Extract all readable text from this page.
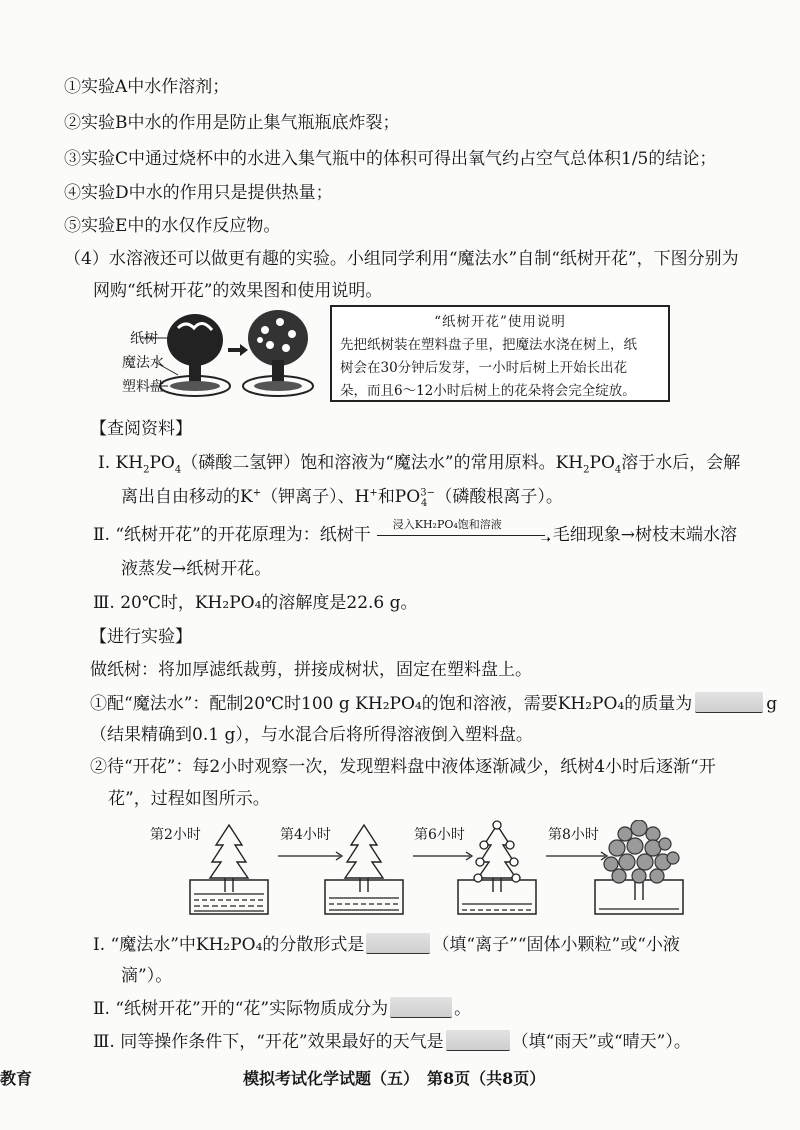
①实验A中水作溶剂；
②实验B中水的作用是防止集气瓶瓶底炸裂；
③实验C中通过烧杯中的水进入集气瓶中的体积可得出氧气约占空气总体积1/5的结论；
④实验D中水的作用只是提供热量；
⑤实验E中的水仅作反应物。
（4）水溶液还可以做更有趣的实验。小组同学利用“魔法水”自制“纸树开花”，下图分别为
网购“纸树开花”的效果图和使用说明。
纸树
魔法水
塑料盘
“纸树开花”使用说明
先把纸树装在塑料盘子里，把魔法水浇在树上，纸
树会在30分钟后发芽，一小时后树上开始长出花
朵，而且6～12小时后树上的花朵将会完全绽放。
【查阅资料】
Ⅰ. $KH_2PO_4$（磷酸二氢钾）饱和溶液为“魔法水”的常用原料。$KH_2PO_4$溶于水后，会解
离出自由移动的K+（钾离子）、H+和$PO^{3-}_4$ （磷酸根离子）。
Ⅱ. “纸树开花”的开花原理为：纸树干
浸入KH₂PO₄饱和溶液
➝ 毛细现象→树枝末端水溶
液蒸发→纸树开花。
Ⅲ. 20℃时，KH₂PO₄的溶解度是22.6 g。
【进行实验】
做纸树：将加厚滤纸裁剪，拼接成树状，固定在塑料盘上。
①配“魔法水”：配制20℃时100 g KH₂PO₄的饱和溶液，需要KH₂PO₄的质量为	g
（结果精确到0.1 g），与水混合后将所得溶液倒入塑料盘。
②待“开花”：每2小时观察一次，发现塑料盘中液体逐渐减少，纸树4小时后逐渐“开
花”，过程如图所示。
第2小时	第4小时	第6小时	第8小时
Ⅰ. “魔法水”中KH₂PO₄的分散形式是	（填“离子”“固体小颗粒”或“小液
滴”）。
Ⅱ. “纸树开花”开的“花”实际物质成分为	。
Ⅲ. 同等操作条件下，“开花”效果最好的天气是	（填“雨天”或“晴天”）。
教育	模拟考试化学试题（五）　第8页（共8页）
